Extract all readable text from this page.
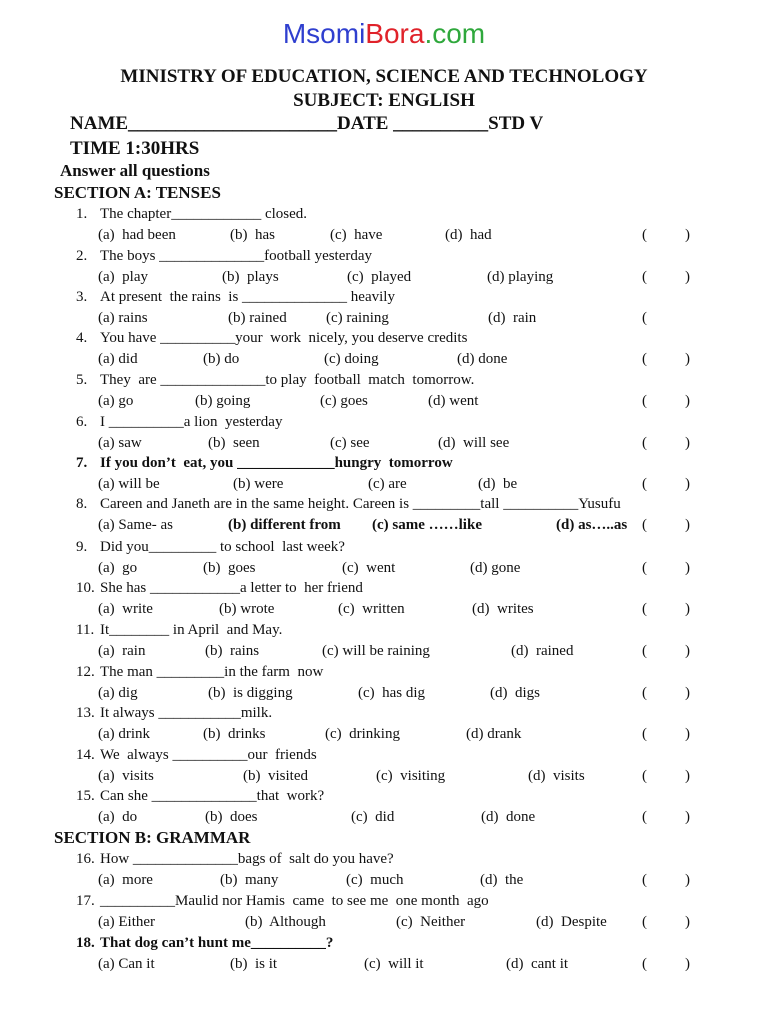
MsomiBora.com
MINISTRY OF EDUCATION, SCIENCE AND TECHNOLOGY
SUBJECT: ENGLISH
NAME______________________DATE __________STD V
TIME 1:30HRS
Answer all questions
SECTION A: TENSES
SECTION B: GRAMMAR
1. The chapter____________ closed.
(a)  had been	(b)  has	(c)  have	(d)  had	(	)
2. The boys ______________football yesterday
(a)  play	(b)  plays	(c)  played	(d) playing	(	)
3. At present  the rains  is ______________ heavily
(a) rains	(b) rained	(c) raining	(d)  rain	(
4. You have __________your  work  nicely, you deserve credits
(a) did	(b) do	(c) doing	(d) done	(	)
5. They  are ______________to play  football  match  tomorrow.
(a) go	(b) going	(c) goes	(d) went	(	)
6. I __________a lion  yesterday
(a) saw	(b)  seen	(c) see	(d)  will see	(	)
7. If you don’t  eat, you _____________hungry  tomorrow
(a) will be	(b) were	(c) are	(d)  be	(	)
8. Careen and Janeth are in the same height. Careen is _________tall __________Yusufu
(a) Same- as	(b) different from (c) same ……like	(d) as…..as (	)
9. Did you_________ to school  last week?
(a)  go	(b)  goes	(c)  went	(d) gone	(	)
10. She has ____________a letter to  her friend
(a)  write	(b) wrote	(c)  written	(d)  writes	(	)
11. It________ in April  and May.
(a)  rain	(b)  rains	(c) will be raining	(d)  rained	(	)
12. The man _________in the farm  now
(a) dig	(b)  is digging	(c)  has dig	(d)  digs	(	)
13. It always ___________milk.
(a) drink	(b)  drinks	(c)  drinking	(d) drank	(	)
14. We  always __________our  friends
(a)  visits	(b)  visited	(c)  visiting	(d)  visits	(	)
15. Can she ______________that  work?
(a)  do	(b)  does	(c)  did	(d)  done	(	)
16. How ______________bags of  salt do you have?
(a)  more	(b)  many	(c)  much	(d)  the	(	)
17. __________Maulid nor Hamis  came  to see me  one month  ago
(a) Either	(b)  Although	(c)  Neither	(d)  Despite (	)
18. That dog can’t hunt me__________?
(a) Can it	(b)  is it	(c)  will it	(d)  cant it	(	)
